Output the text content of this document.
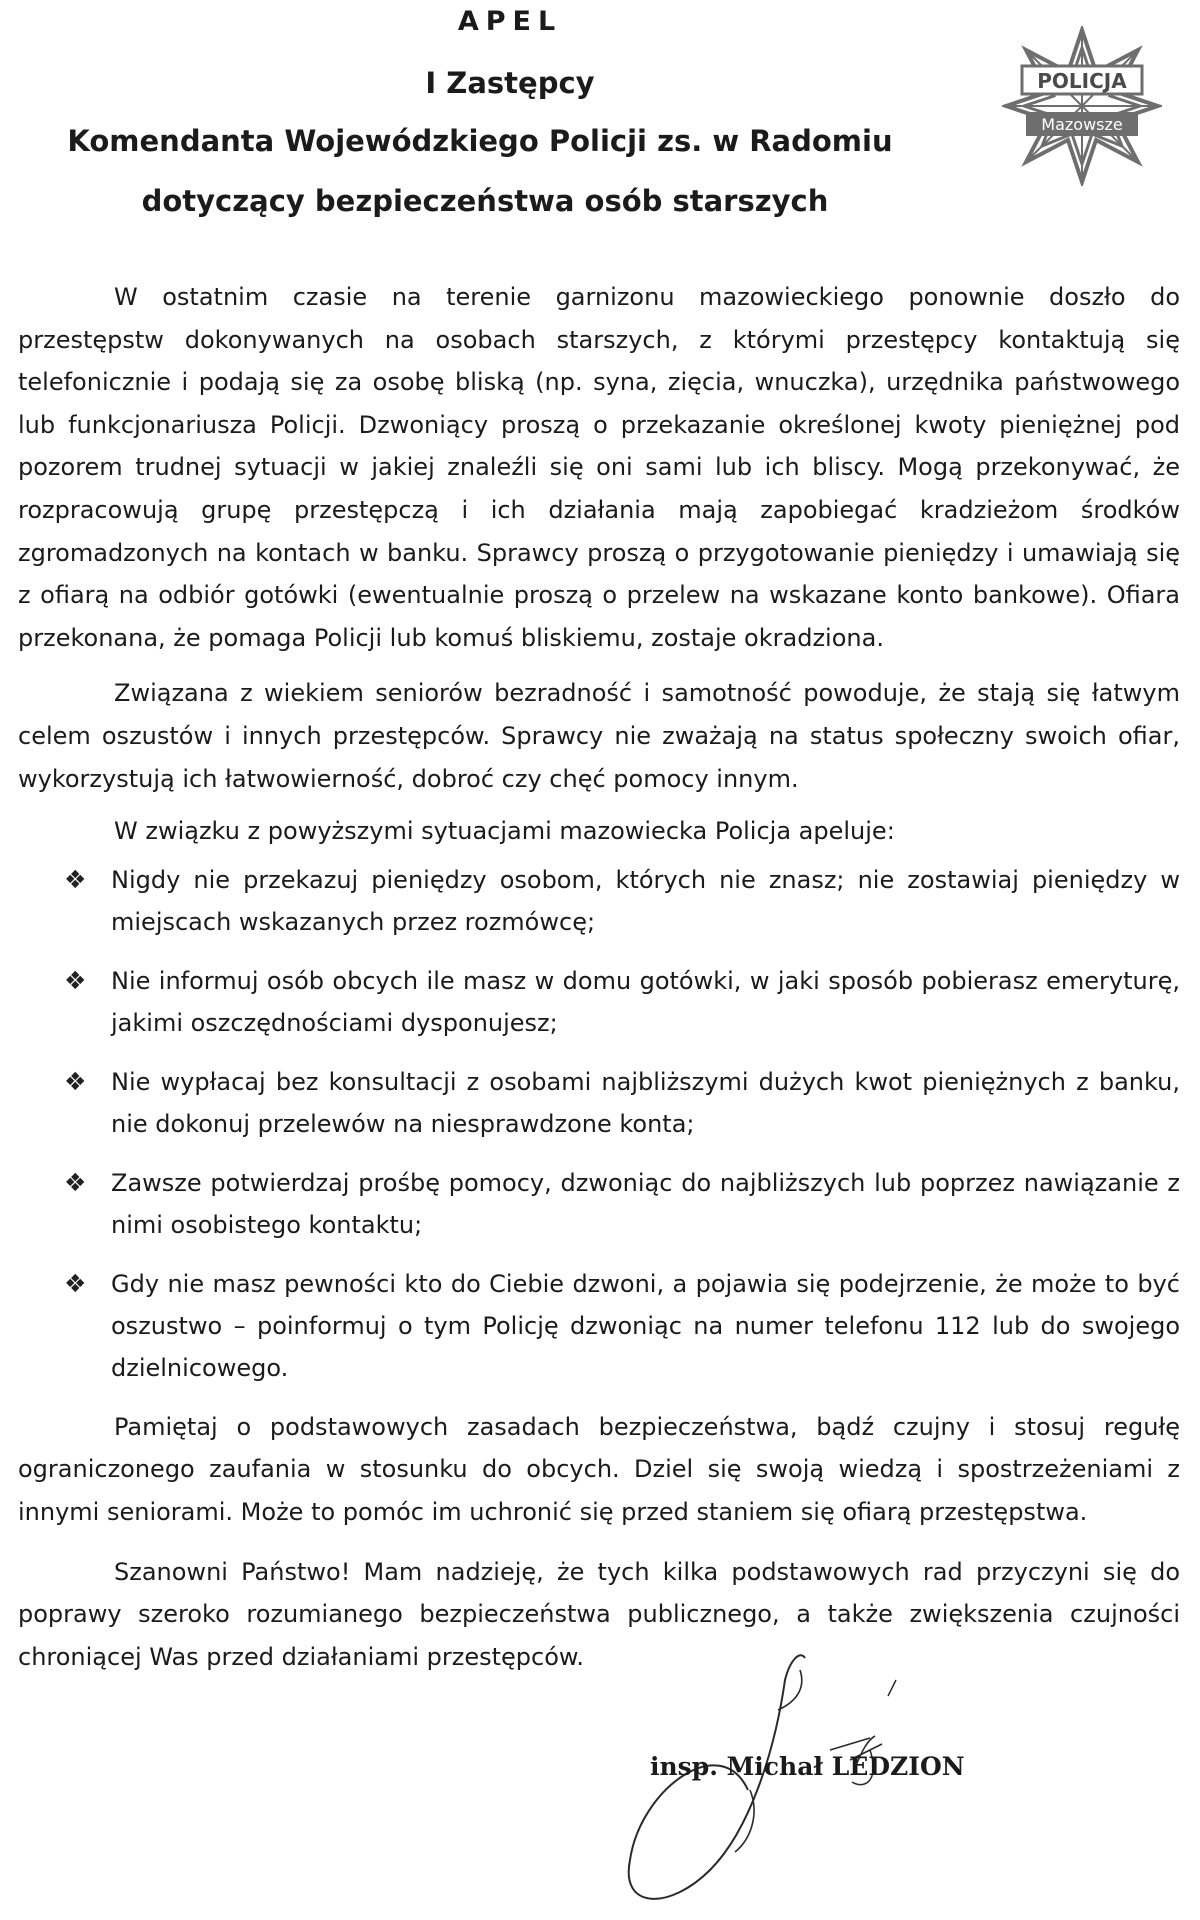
APEL
I Zastępcy
Komendanta Wojewódzkiego Policji zs. w Radomiu
dotyczący bezpieczeństwa osób starszych
POLICJA
Mazowsze

W ostatnim czasie na terenie garnizonu mazowieckiego ponownie doszło do przestępstw dokonywanych na osobach starszych, z którymi przestępcy kontaktują się telefonicznie i podają się za osobę bliską (np. syna, zięcia, wnuczka), urzędnika państwowego lub funkcjonariusza Policji. Dzwoniący proszą o przekazanie określonej kwoty pieniężnej pod pozorem trudnej sytuacji w jakiej znaleźli się oni sami lub ich bliscy. Mogą przekonywać, że rozpracowują grupę przestępczą i ich działania mają zapobiegać kradzieżom środków zgromadzonych na kontach w banku. Sprawcy proszą o przygotowanie pieniędzy i umawiają się z ofiarą na odbiór gotówki (ewentualnie proszą o przelew na wskazane konto bankowe). Ofiara przekonana, że pomaga Policji lub komuś bliskiemu, zostaje okradziona.

Związana z wiekiem seniorów bezradność i samotność powoduje, że stają się łatwym celem oszustów i innych przestępców. Sprawcy nie zważają na status społeczny swoich ofiar, wykorzystują ich łatwowierność, dobroć czy chęć pomocy innym.

W związku z powyższymi sytuacjami mazowiecka Policja apeluje:

❖ Nigdy nie przekazuj pieniędzy osobom, których nie znasz; nie zostawiaj pieniędzy w miejscach wskazanych przez rozmówcę;
❖ Nie informuj osób obcych ile masz w domu gotówki, w jaki sposób pobierasz emeryturę, jakimi oszczędnościami dysponujesz;
❖ Nie wypłacaj bez konsultacji z osobami najbliższymi dużych kwot pieniężnych z banku, nie dokonuj przelewów na niesprawdzone konta;
❖ Zawsze potwierdzaj prośbę pomocy, dzwoniąc do najbliższych lub poprzez nawiązanie z nimi osobistego kontaktu;
❖ Gdy nie masz pewności kto do Ciebie dzwoni, a pojawia się podejrzenie, że może to być oszustwo – poinformuj o tym Policję dzwoniąc na numer telefonu 112 lub do swojego dzielnicowego.

Pamiętaj o podstawowych zasadach bezpieczeństwa, bądź czujny i stosuj regułę ograniczonego zaufania w stosunku do obcych. Dziel się swoją wiedzą i spostrzeżeniami z innymi seniorami. Może to pomóc im uchronić się przed staniem się ofiarą przestępstwa.

Szanowni Państwo! Mam nadzieję, że tych kilka podstawowych rad przyczyni się do poprawy szeroko rozumianego bezpieczeństwa publicznego, a także zwiększenia czujności chroniącej Was przed działaniami przestępców.

insp. Michał LEDZION
